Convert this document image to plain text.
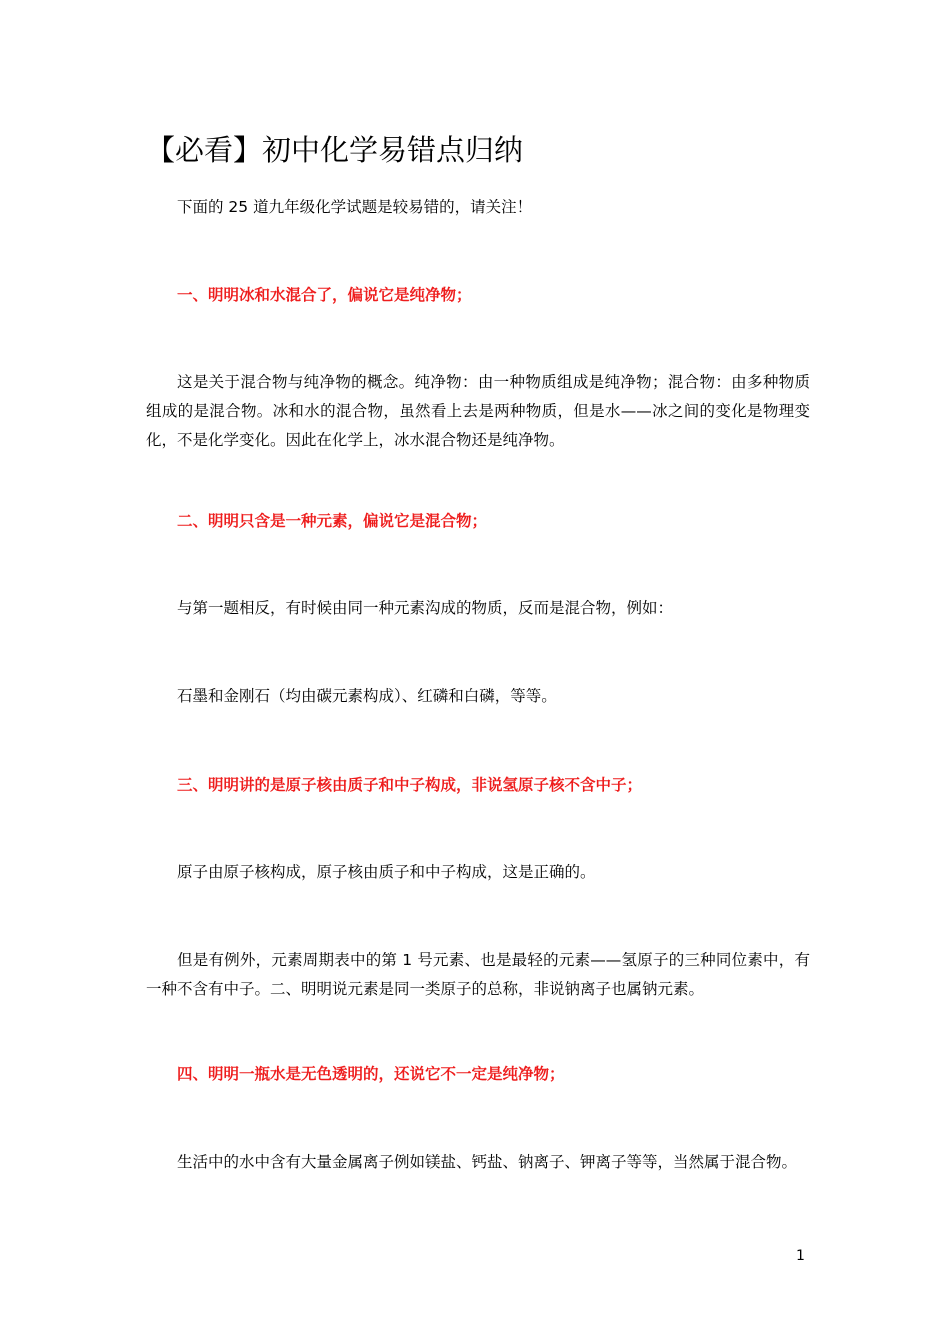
【必看】初中化学易错点归纳

下面的 25 道九年级化学试题是较易错的，请关注！

一、明明冰和水混合了，偏说它是纯净物；

这是关于混合物与纯净物的概念。纯净物：由一种物质组成是纯净物；混合物：由多种物质组成的是混合物。冰和水的混合物，虽然看上去是两种物质，但是水——冰之间的变化是物理变化，不是化学变化。因此在化学上，冰水混合物还是纯净物。

二、明明只含是一种元素，偏说它是混合物；

与第一题相反，有时候由同一种元素沟成的物质，反而是混合物，例如：

石墨和金刚石（均由碳元素构成）、红磷和白磷，等等。

三、明明讲的是原子核由质子和中子构成，非说氢原子核不含中子；

原子由原子核构成，原子核由质子和中子构成，这是正确的。

但是有例外，元素周期表中的第 1 号元素、也是最轻的元素——氢原子的三种同位素中，有一种不含有中子。二、明明说元素是同一类原子的总称，非说钠离子也属钠元素。

四、明明一瓶水是无色透明的，还说它不一定是纯净物；

生活中的水中含有大量金属离子例如镁盐、钙盐、钠离子、钾离子等等，当然属于混合物。

1
